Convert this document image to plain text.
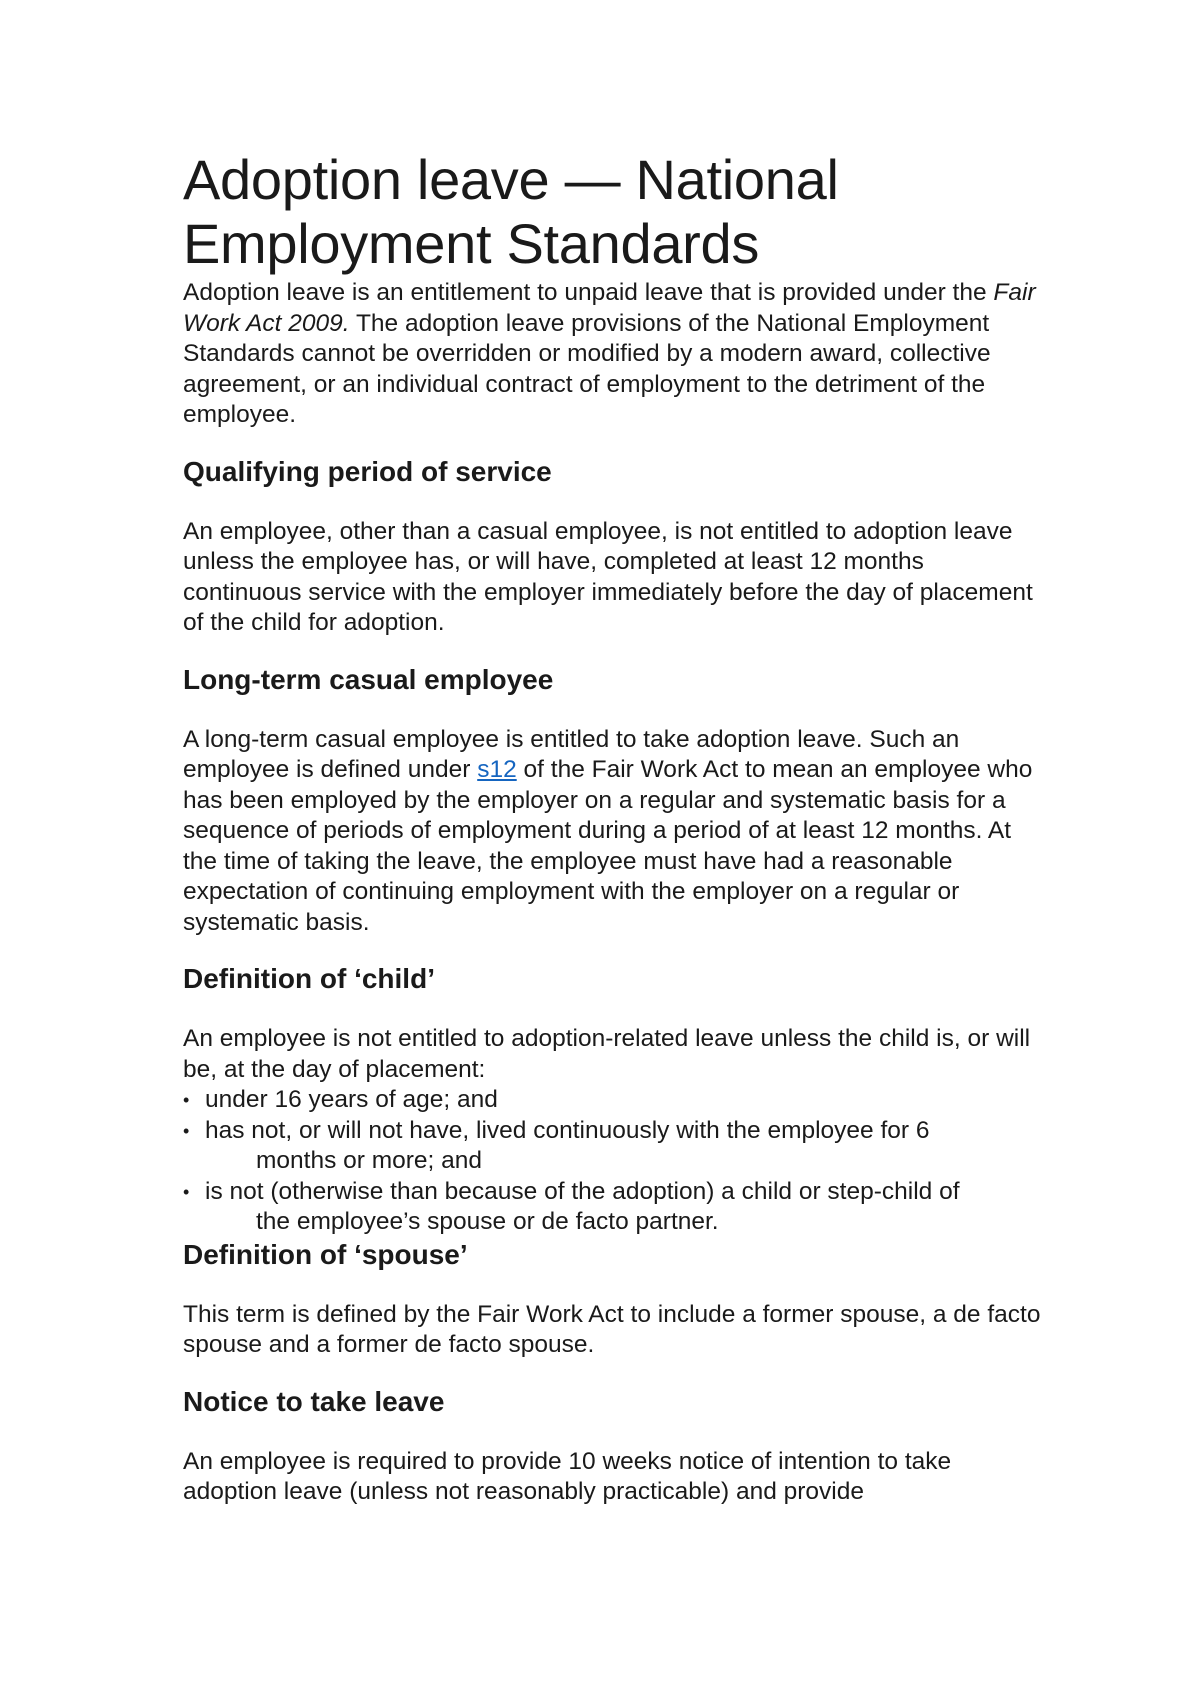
Adoption leave — National
Employment Standards

Adoption leave is an entitlement to unpaid leave that is provided under the Fair Work Act 2009. The adoption leave provisions of the National Employment Standards cannot be overridden or modified by a modern award, collective agreement, or an individual contract of employment to the detriment of the employee.

Qualifying period of service

An employee, other than a casual employee, is not entitled to adoption leave unless the employee has, or will have, completed at least 12 months continuous service with the employer immediately before the day of placement of the child for adoption.

Long-term casual employee

A long-term casual employee is entitled to take adoption leave. Such an employee is defined under s12 of the Fair Work Act to mean an employee who has been employed by the employer on a regular and systematic basis for a sequence of periods of employment during a period of at least 12 months. At the time of taking the leave, the employee must have had a reasonable expectation of continuing employment with the employer on a regular or systematic basis.

Definition of ‘child’

An employee is not entitled to adoption-related leave unless the child is, or will be, at the day of placement:

• under 16 years of age; and
• has not, or will not have, lived continuously with the employee for 6
months or more; and
• is not (otherwise than because of the adoption) a child or step-child of
the employee’s spouse or de facto partner.
Definition of ‘spouse’

This term is defined by the Fair Work Act to include a former spouse, a de facto spouse and a former de facto spouse.

Notice to take leave

An employee is required to provide 10 weeks notice of intention to take adoption leave (unless not reasonably practicable) and provide
